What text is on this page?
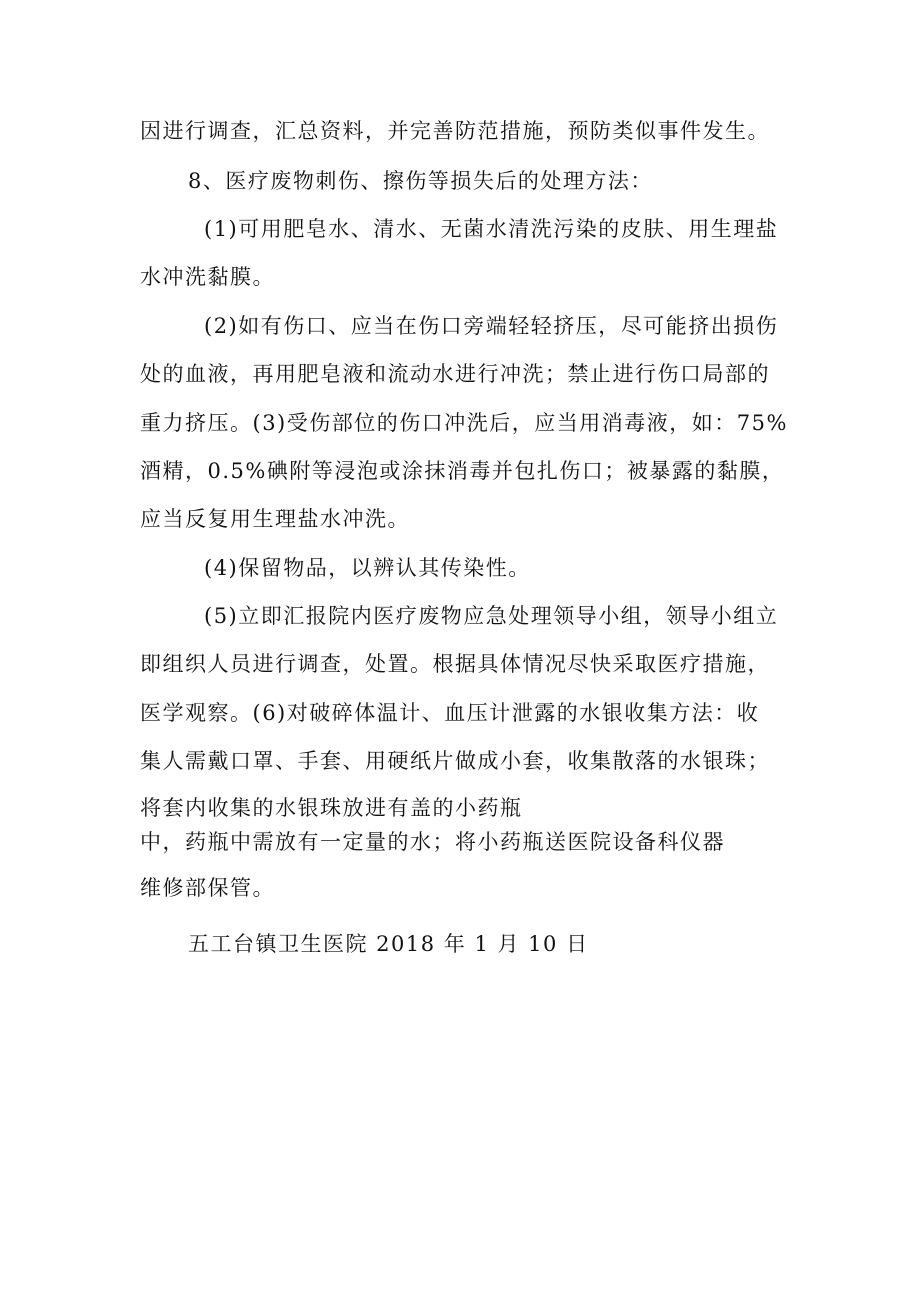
因进行调查，汇总资料，并完善防范措施，预防类似事件发生。
8、医疗废物刺伤、擦伤等损失后的处理方法：
(1)可用肥皂水、清水、无菌水清洗污染的皮肤、用生理盐
水冲洗黏膜。
(2)如有伤口、应当在伤口旁端轻轻挤压，尽可能挤出损伤
处的血液，再用肥皂液和流动水进行冲洗；禁止进行伤口局部的
重力挤压。(3)受伤部位的伤口冲洗后，应当用消毒液，如：75%
酒精，0.5%碘附等浸泡或涂抹消毒并包扎伤口；被暴露的黏膜，
应当反复用生理盐水冲洗。
(4)保留物品，以辨认其传染性。
(5)立即汇报院内医疗废物应急处理领导小组，领导小组立
即组织人员进行调查，处置。根据具体情况尽快采取医疗措施，
医学观察。(6)对破碎体温计、血压计泄露的水银收集方法：收
集人需戴口罩、手套、用硬纸片做成小套，收集散落的水银珠；
将套内收集的水银珠放进有盖的小药瓶
中，药瓶中需放有一定量的水；将小药瓶送医院设备科仪器
维修部保管。
五工台镇卫生医院 2018 年 1 月 10 日
